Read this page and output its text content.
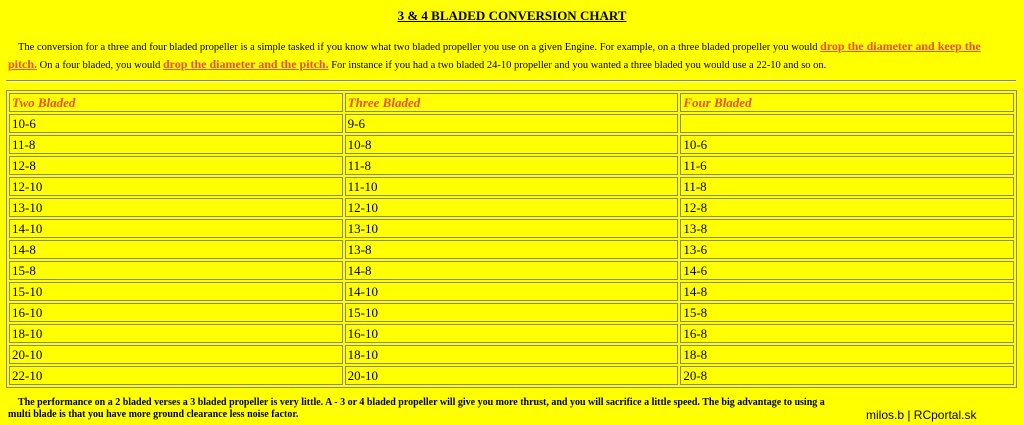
3 & 4 BLADED CONVERSION CHART

The conversion for a three and four bladed propeller is a simple tasked if you know what two bladed propeller you use on a given Engine. For example, on a three bladed propeller you would drop the diameter and keep the pitch. On a four bladed, you would drop the diameter and the pitch. For instance if you had a two bladed 24-10 propeller and you wanted a three bladed you would use a 22-10 and so on.

Two Bladed	Three Bladed	Four Bladed
10-6	9-6	
11-8	10-8	10-6
12-8	11-8	11-6
12-10	11-10	11-8
13-10	12-10	12-8
14-10	13-10	13-8
14-8	13-8	13-6
15-8	14-8	14-6
15-10	14-10	14-8
16-10	15-10	15-8
18-10	16-10	16-8
20-10	18-10	18-8
22-10	20-10	20-8

The performance on a 2 bladed verses a 3 bladed propeller is very little. A - 3 or 4 bladed propeller will give you more thrust, and you will sacrifice a little speed. The big advantage to using a multi blade is that you have more ground clearance less noise factor.	milos.b | RCportal.sk
